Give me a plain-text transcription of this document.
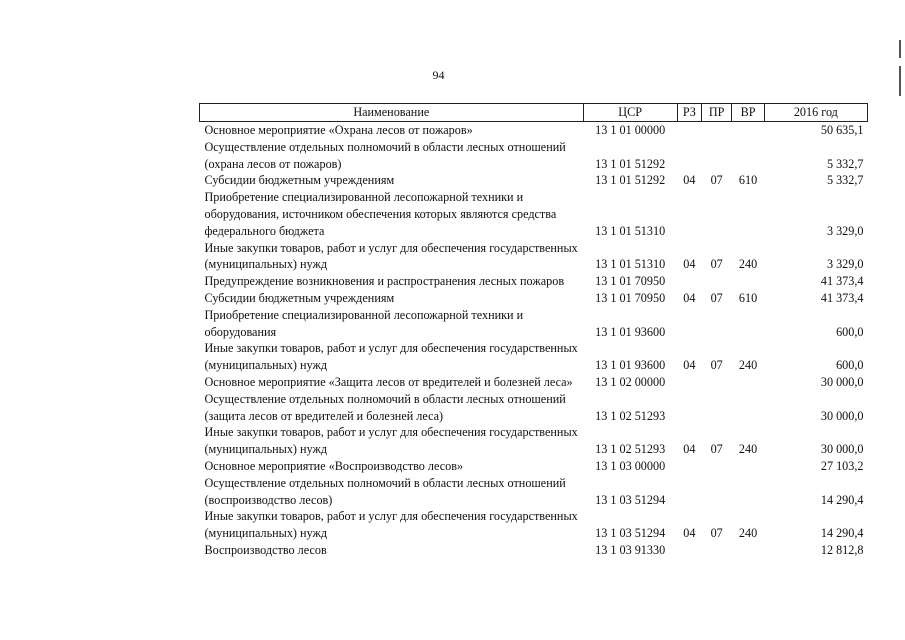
94
Наименование	ЦСР	РЗ	ПР	ВР	2016 год
Основное мероприятие «Охрана лесов от пожаров»	13 1 01 00000				50 635,1
Осуществление отдельных полномочий в области лесных отношений (охрана лесов от пожаров)	13 1 01 51292				5 332,7
Субсидии бюджетным учреждениям	13 1 01 51292	04	07	610	5 332,7
Приобретение специализированной лесопожарной техники и оборудования, источником обеспечения которых являются средства федерального бюджета	13 1 01 51310				3 329,0
Иные закупки товаров, работ и услуг для обеспечения государственных (муниципальных) нужд	13 1 01 51310	04	07	240	3 329,0
Предупреждение возникновения и распространения лесных пожаров	13 1 01 70950				41 373,4
Субсидии бюджетным учреждениям	13 1 01 70950	04	07	610	41 373,4
Приобретение специализированной лесопожарной техники и оборудования	13 1 01 93600				600,0
Иные закупки товаров, работ и услуг для обеспечения государственных (муниципальных) нужд	13 1 01 93600	04	07	240	600,0
Основное мероприятие «Защита лесов от вредителей и болезней леса»	13 1 02 00000				30 000,0
Осуществление отдельных полномочий в области лесных отношений (защита лесов от вредителей и болезней леса)	13 1 02 51293				30 000,0
Иные закупки товаров, работ и услуг для обеспечения государственных (муниципальных) нужд	13 1 02 51293	04	07	240	30 000,0
Основное мероприятие «Воспроизводство лесов»	13 1 03 00000				27 103,2
Осуществление отдельных полномочий в области лесных отношений (воспроизводство лесов)	13 1 03 51294				14 290,4
Иные закупки товаров, работ и услуг для обеспечения государственных (муниципальных) нужд	13 1 03 51294	04	07	240	14 290,4
Воспроизводство лесов	13 1 03 91330				12 812,8
